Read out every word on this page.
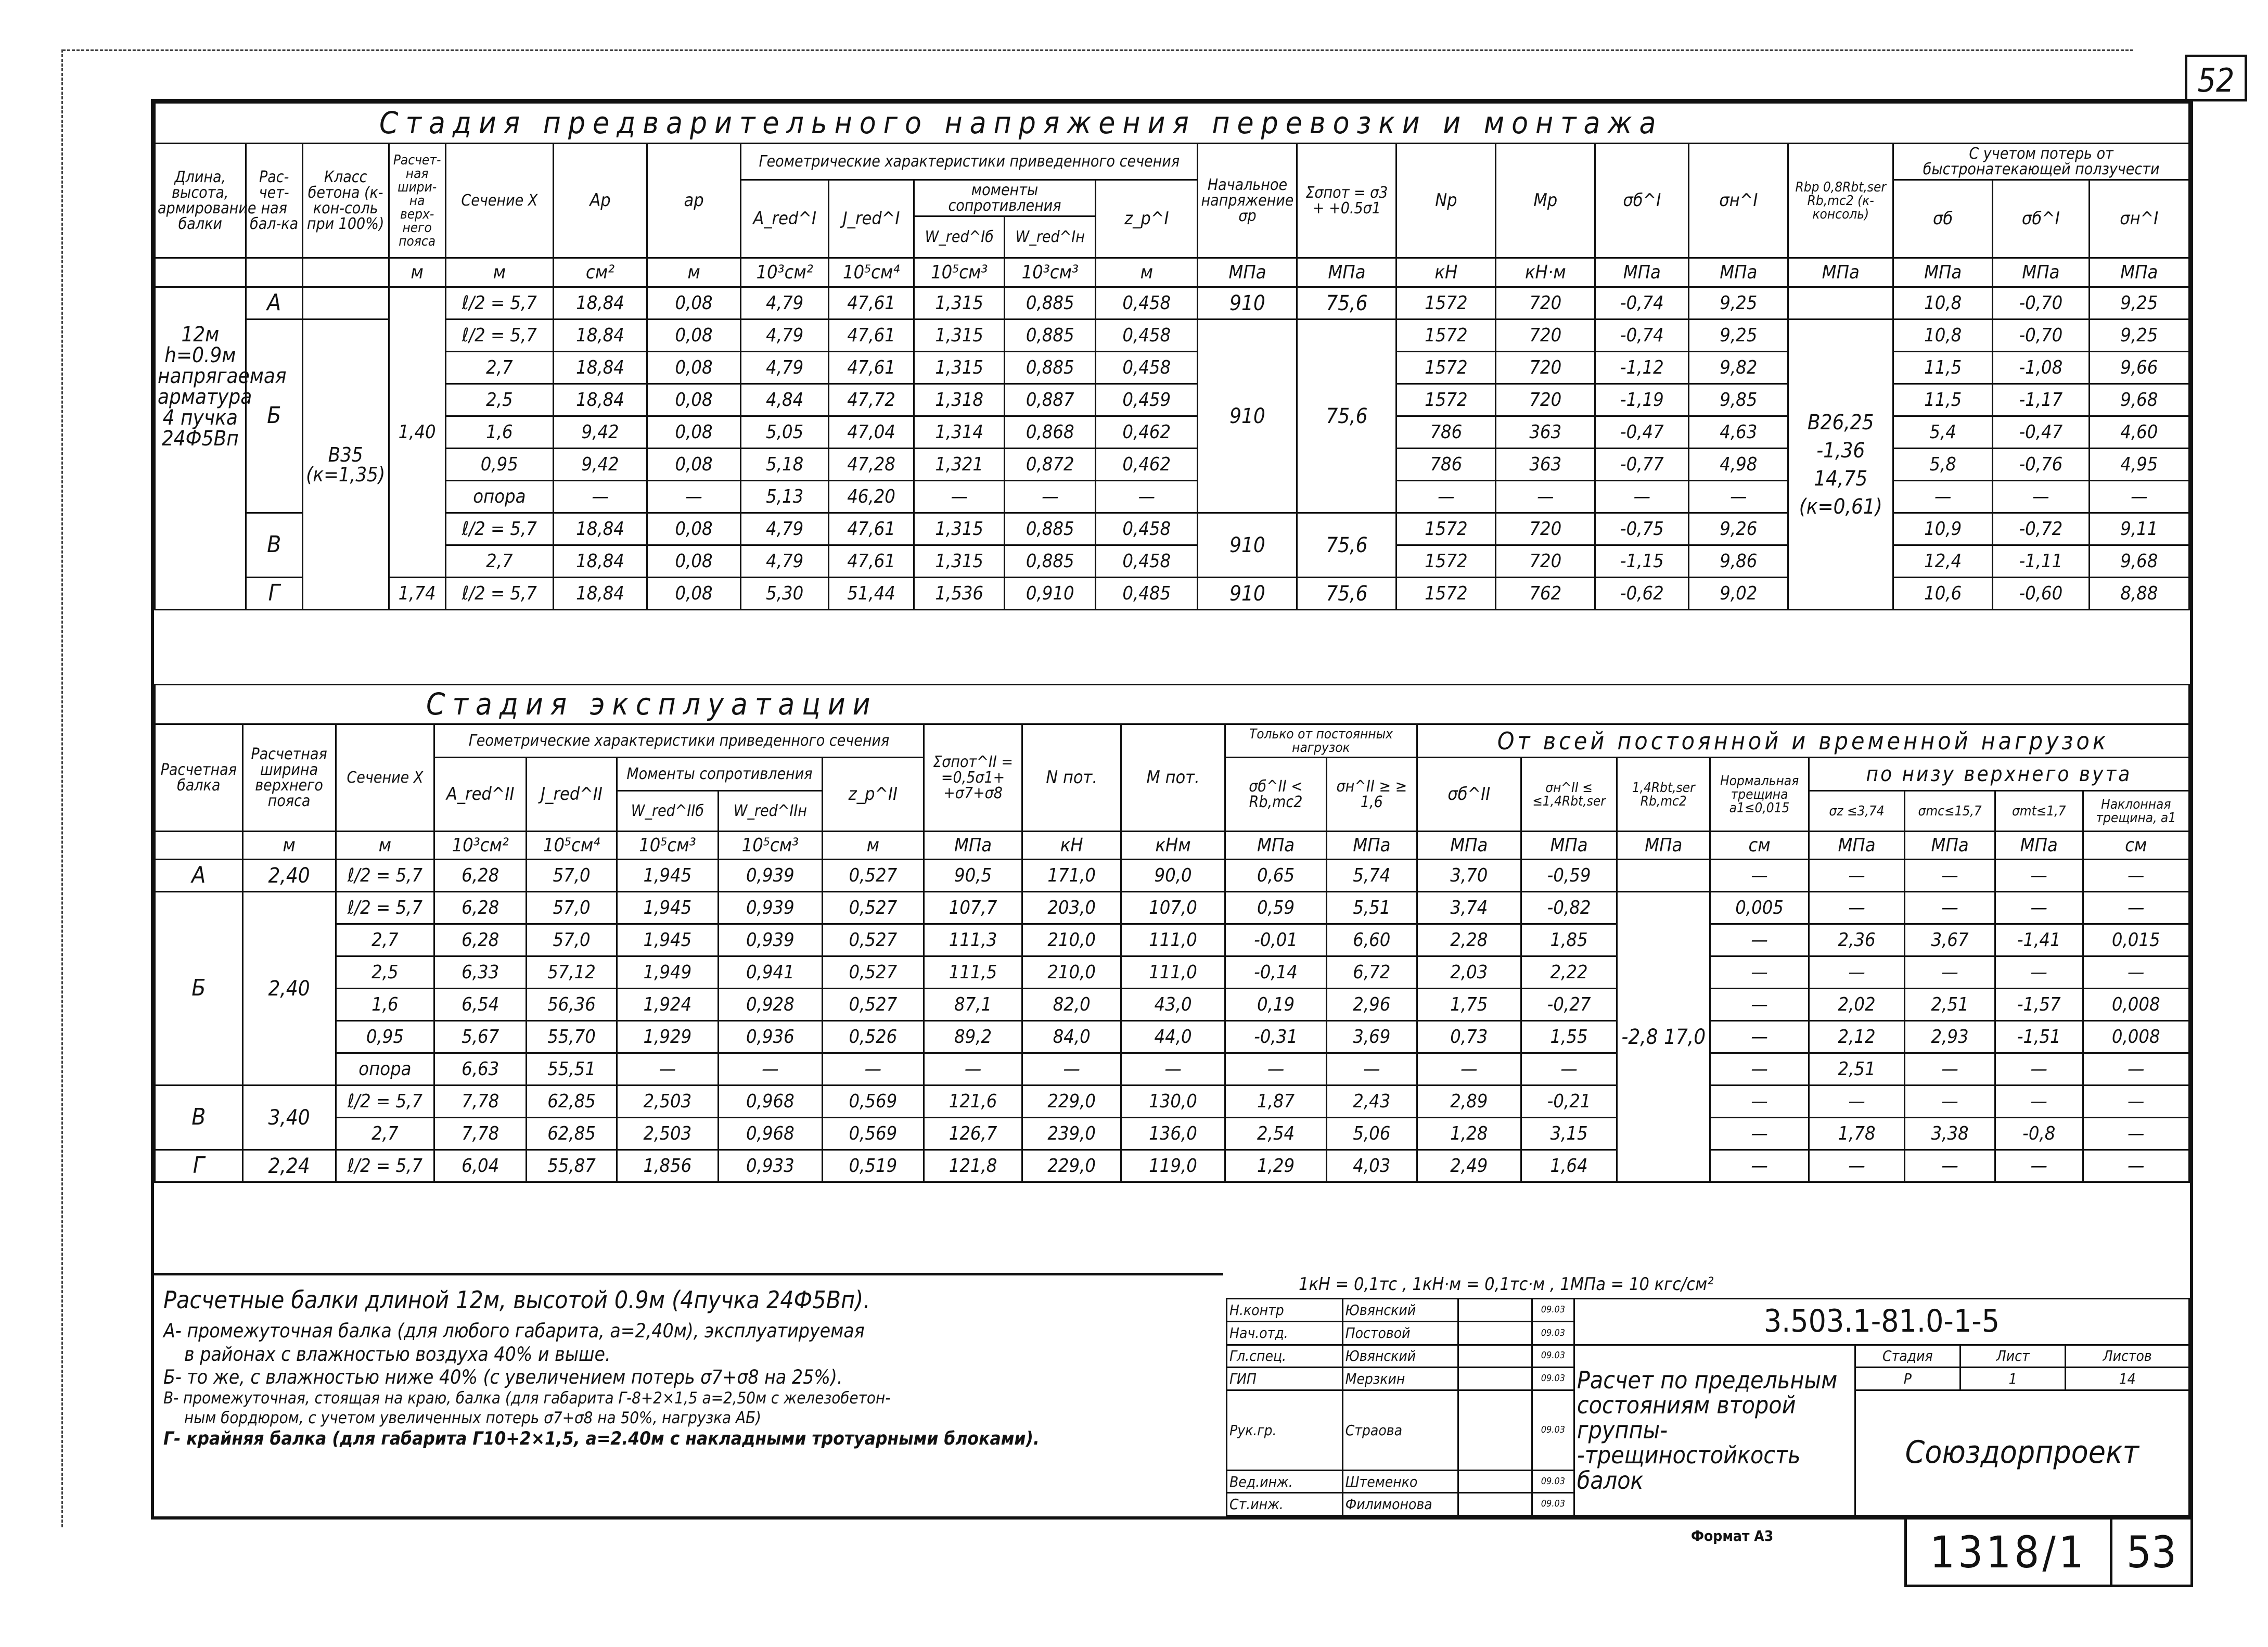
52
Стадия предварительного напряжения перевозки и монтажа																					
Длина, высота, армирование балки	Рас-чет-ная бал-ка	Класс бетона (к-кон-соль при 100%)	Расчет-ная шири-на верх-него пояса	Сечение X	Ap	ap	Геометрические характеристики приведенного сечения					Начальное напряжение σp	Σσпот = σ3 + +0.5σ1	Np	Mp	σб^I	σн^I	Rbp 0,8Rbt,ser Rb,mc2 (к-консоль)	С учетом потерь от быстронатекающей ползучести		
							A_red^I	J_red^I	моменты сопротивления		z_p^I								σб	σб^I	σн^I
									W_red^Iб	W_red^Iн											
			м	м	см²	м	10³см²	10⁵см⁴	10⁵см³	10³см³	м	МПа	МПа	кН	кН·м	МПа	МПа	МПа	МПа	МПа	МПа
12м h=0.9м напрягаемая арматура 4 пучка 24Ф5Вп	А		1,40	ℓ/2 = 5,7	18,84	0,08	4,79	47,61	1,315	0,885	0,458	910	75,6	1572	720	-0,74	9,25		10,8	-0,70	9,25
	Б	В35 (к=1,35)		ℓ/2 = 5,7	18,84	0,08	4,79	47,61	1,315	0,885	0,458	910	75,6	1572	720	-0,74	9,25	В26,25 -1,36 14,75 (к=0,61)	10,8	-0,70	9,25
				2,7	18,84	0,08	4,79	47,61	1,315	0,885	0,458			1572	720	-1,12	9,82		11,5	-1,08	9,66
				2,5	18,84	0,08	4,84	47,72	1,318	0,887	0,459			1572	720	-1,19	9,85		11,5	-1,17	9,68
				1,6	9,42	0,08	5,05	47,04	1,314	0,868	0,462			786	363	-0,47	4,63		5,4	-0,47	4,60
				0,95	9,42	0,08	5,18	47,28	1,321	0,872	0,462			786	363	-0,77	4,98		5,8	-0,76	4,95
				опора	—	—	5,13	46,20	—	—	—			—	—	—	—		—	—	—
	В			ℓ/2 = 5,7	18,84	0,08	4,79	47,61	1,315	0,885	0,458	910	75,6	1572	720	-0,75	9,26		10,9	-0,72	9,11
				2,7	18,84	0,08	4,79	47,61	1,315	0,885	0,458			1572	720	-1,15	9,86		12,4	-1,11	9,68
	Г		1,74	ℓ/2 = 5,7	18,84	0,08	5,30	51,44	1,536	0,910	0,485	910	75,6	1572	762	-0,62	9,02		10,6	-0,60	8,88
Стадия эксплуатации																				
Расчетная балка	Расчетная ширина верхнего пояса	Сечение X	Геометрические характеристики приведенного сечения					Σσпот^II = =0,5σ1+ +σ7+σ8	N пот.	M пот.	Только от постоянных нагрузок		От всей постоянной и временной нагрузок							
			A_red^II	J_red^II	Моменты сопротивления		z_p^II				σб^II < Rb,mc2	σн^II ≥ ≥ 1,6	σб^II	σн^II ≤ ≤1,4Rbt,ser	1,4Rbt,ser Rb,mc2	Нормальная трещина a1≤0,015	по низу верхнего вута			
					W_red^IIб	W_red^IIн											σz ≤3,74	σmc≤15,7	σmt≤1,7	Наклонная трещина, a1
	м	м	10³см²	10⁵см⁴	10⁵см³	10⁵см³	м	МПа	кН	кНм	МПа	МПа	МПа	МПа	МПа	см	МПа	МПа	МПа	см
А	2,40	ℓ/2 = 5,7	6,28	57,0	1,945	0,939	0,527	90,5	171,0	90,0	0,65	5,74	3,70	-0,59		—	—	—	—	—
Б	2,40	ℓ/2 = 5,7	6,28	57,0	1,945	0,939	0,527	107,7	203,0	107,0	0,59	5,51	3,74	-0,82	-2,8 17,0	0,005	—	—	—	—
		2,7	6,28	57,0	1,945	0,939	0,527	111,3	210,0	111,0	-0,01	6,60	2,28	1,85		—	2,36	3,67	-1,41	0,015
		2,5	6,33	57,12	1,949	0,941	0,527	111,5	210,0	111,0	-0,14	6,72	2,03	2,22		—	—	—	—	—
		1,6	6,54	56,36	1,924	0,928	0,527	87,1	82,0	43,0	0,19	2,96	1,75	-0,27		—	2,02	2,51	-1,57	0,008
		0,95	5,67	55,70	1,929	0,936	0,526	89,2	84,0	44,0	-0,31	3,69	0,73	1,55		—	2,12	2,93	-1,51	0,008
		опора	6,63	55,51	—	—	—	—	—	—	—	—	—	—		—	2,51	—	—	—
В	3,40	ℓ/2 = 5,7	7,78	62,85	2,503	0,968	0,569	121,6	229,0	130,0	1,87	2,43	2,89	-0,21		—	—	—	—	—
		2,7	7,78	62,85	2,503	0,968	0,569	126,7	239,0	136,0	2,54	5,06	1,28	3,15		—	1,78	3,38	-0,8	—
Г	2,24	ℓ/2 = 5,7	6,04	55,87	1,856	0,933	0,519	121,8	229,0	119,0	1,29	4,03	2,49	1,64		—	—	—	—	—
Расчетные балки длиной 12м, высотой 0.9м (4пучка 24Ф5Вп).
А- промежуточная балка (для любого габарита, а=2,40м), эксплуатируемая
в районах с влажностью воздуха 40% и выше.
Б- то же, с влажностью ниже 40% (с увеличением потерь σ7+σ8 на 25%).
В- промежуточная, стоящая на краю, балка (для габарита Г-8+2×1,5 а=2,50м с железобетон-
ным бордюром, с учетом увеличенных потерь σ7+σ8 на 50%, нагрузка АБ)
Г- крайняя балка (для габарита Г10+2×1,5, а=2.40м с накладными тротуарными блоками).
1кН = 0,1тс , 1кН·м = 0,1тс·м , 1МПа = 10 кгс/см²
Н.контр	Ювянский		09.03	3.503.1-81.0-1-5			
Нач.отд.	Постовой		09.03				
Гл.спец.	Ювянский		09.03	Расчет по предельным состояниям второй группы- -трещиностойкость балок	Стадия	Лист	Листов
ГИП	Мерзкин		09.03		Р	1	14
Рук.гр.	Страова		09.03		Союздорпроект		
Вед.инж.	Штеменко		09.03				
Ст.инж.	Филимонова		09.03				
Формат А3	1318/1 53
